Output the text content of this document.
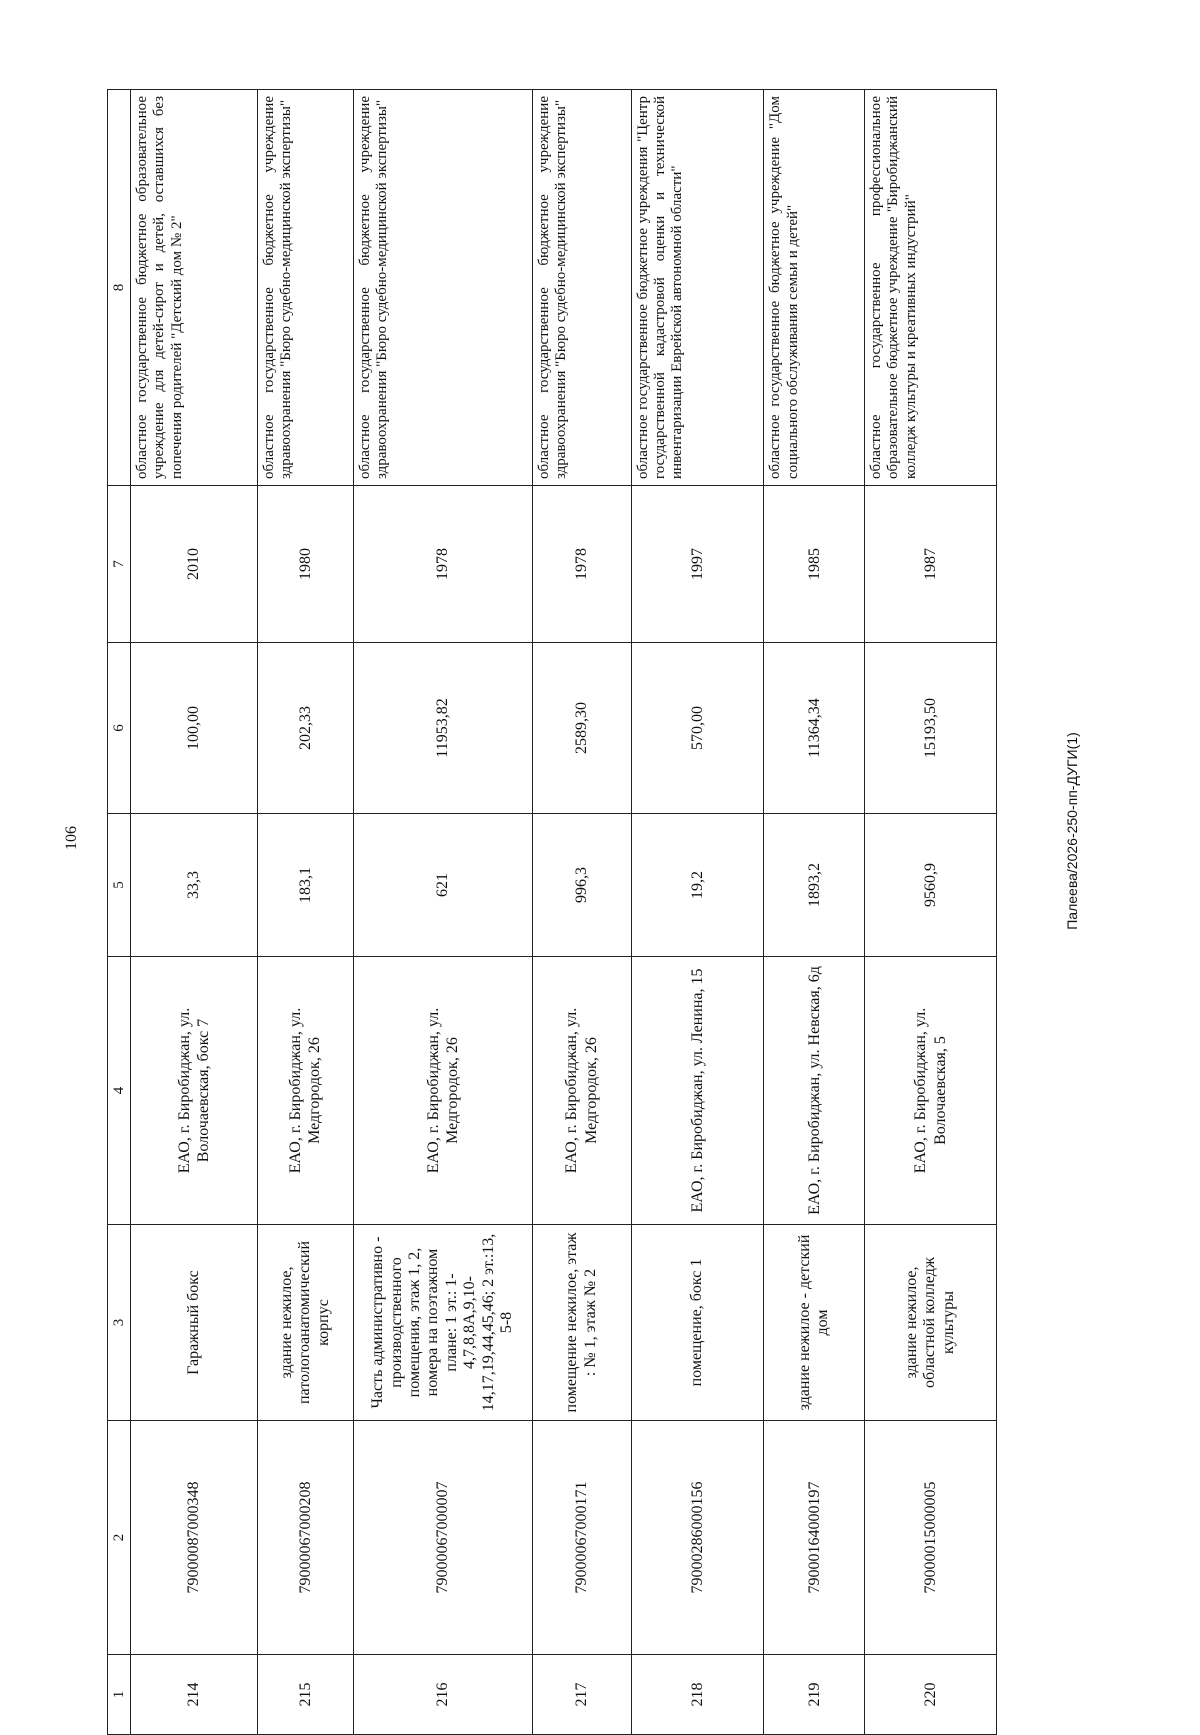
106
1	2	3	4	5	6	7	8
214	79000087000348	Гаражный бокс	ЕАО, г. Биробиджан, ул. Волочаевская, бокс 7	33,3	100,00	2010	областное государственное бюджетное образовательное учреждение для детей-сирот и детей, оставшихся без попечения родителей "Детский дом № 2"
215	79000067000208	здание нежилое, патологоанатомический корпус	ЕАО, г. Биробиджан, ул. Медгородок, 26	183,1	202,33	1980	областное государственное бюджетное учреждение здравоохранения "Бюро судебно-медицинской экспертизы"
216	79000067000007	Часть административно - производственного помещения, этаж 1, 2, номера на поэтажном плане: 1 эт.: 1-4,7,8,8А,9,10-14,17,19,44,45,46; 2 эт.:13, 5-8	ЕАО, г. Биробиджан, ул. Медгородок, 26	621	11953,82	1978	областное государственное бюджетное учреждение здравоохранения "Бюро судебно-медицинской экспертизы"
217	79000067000171	помещение нежилое, этаж : № 1, этаж № 2	ЕАО, г. Биробиджан, ул. Медгородок, 26	996,3	2589,30	1978	областное государственное бюджетное учреждение здравоохранения "Бюро судебно-медицинской экспертизы"
218	79000286000156	помещение, бокс 1	ЕАО, г. Биробиджан, ул. Ленина, 15	19,2	570,00	1997	областное государственное бюджетное учреждения "Центр государственной кадастровой оценки и технической инвентаризации Еврейской автономной области"
219	79000164000197	здание нежилое - детский дом	ЕАО, г. Биробиджан, ул. Невская, 6д	1893,2	11364,34	1985	областное государственное бюджетное учреждение "Дом социального обслуживания семьи и детей"
220	79000015000005	здание нежилое, областной колледж культуры	ЕАО, г. Биробиджан, ул. Волочаевская, 5	9560,9	15193,50	1987	областное государственное профессиональное образовательное бюджетное учреждение "Биробиджанский колледж культуры и креативных индустрий"
Палеева/2026-250-пп-ДУГИ(1)
